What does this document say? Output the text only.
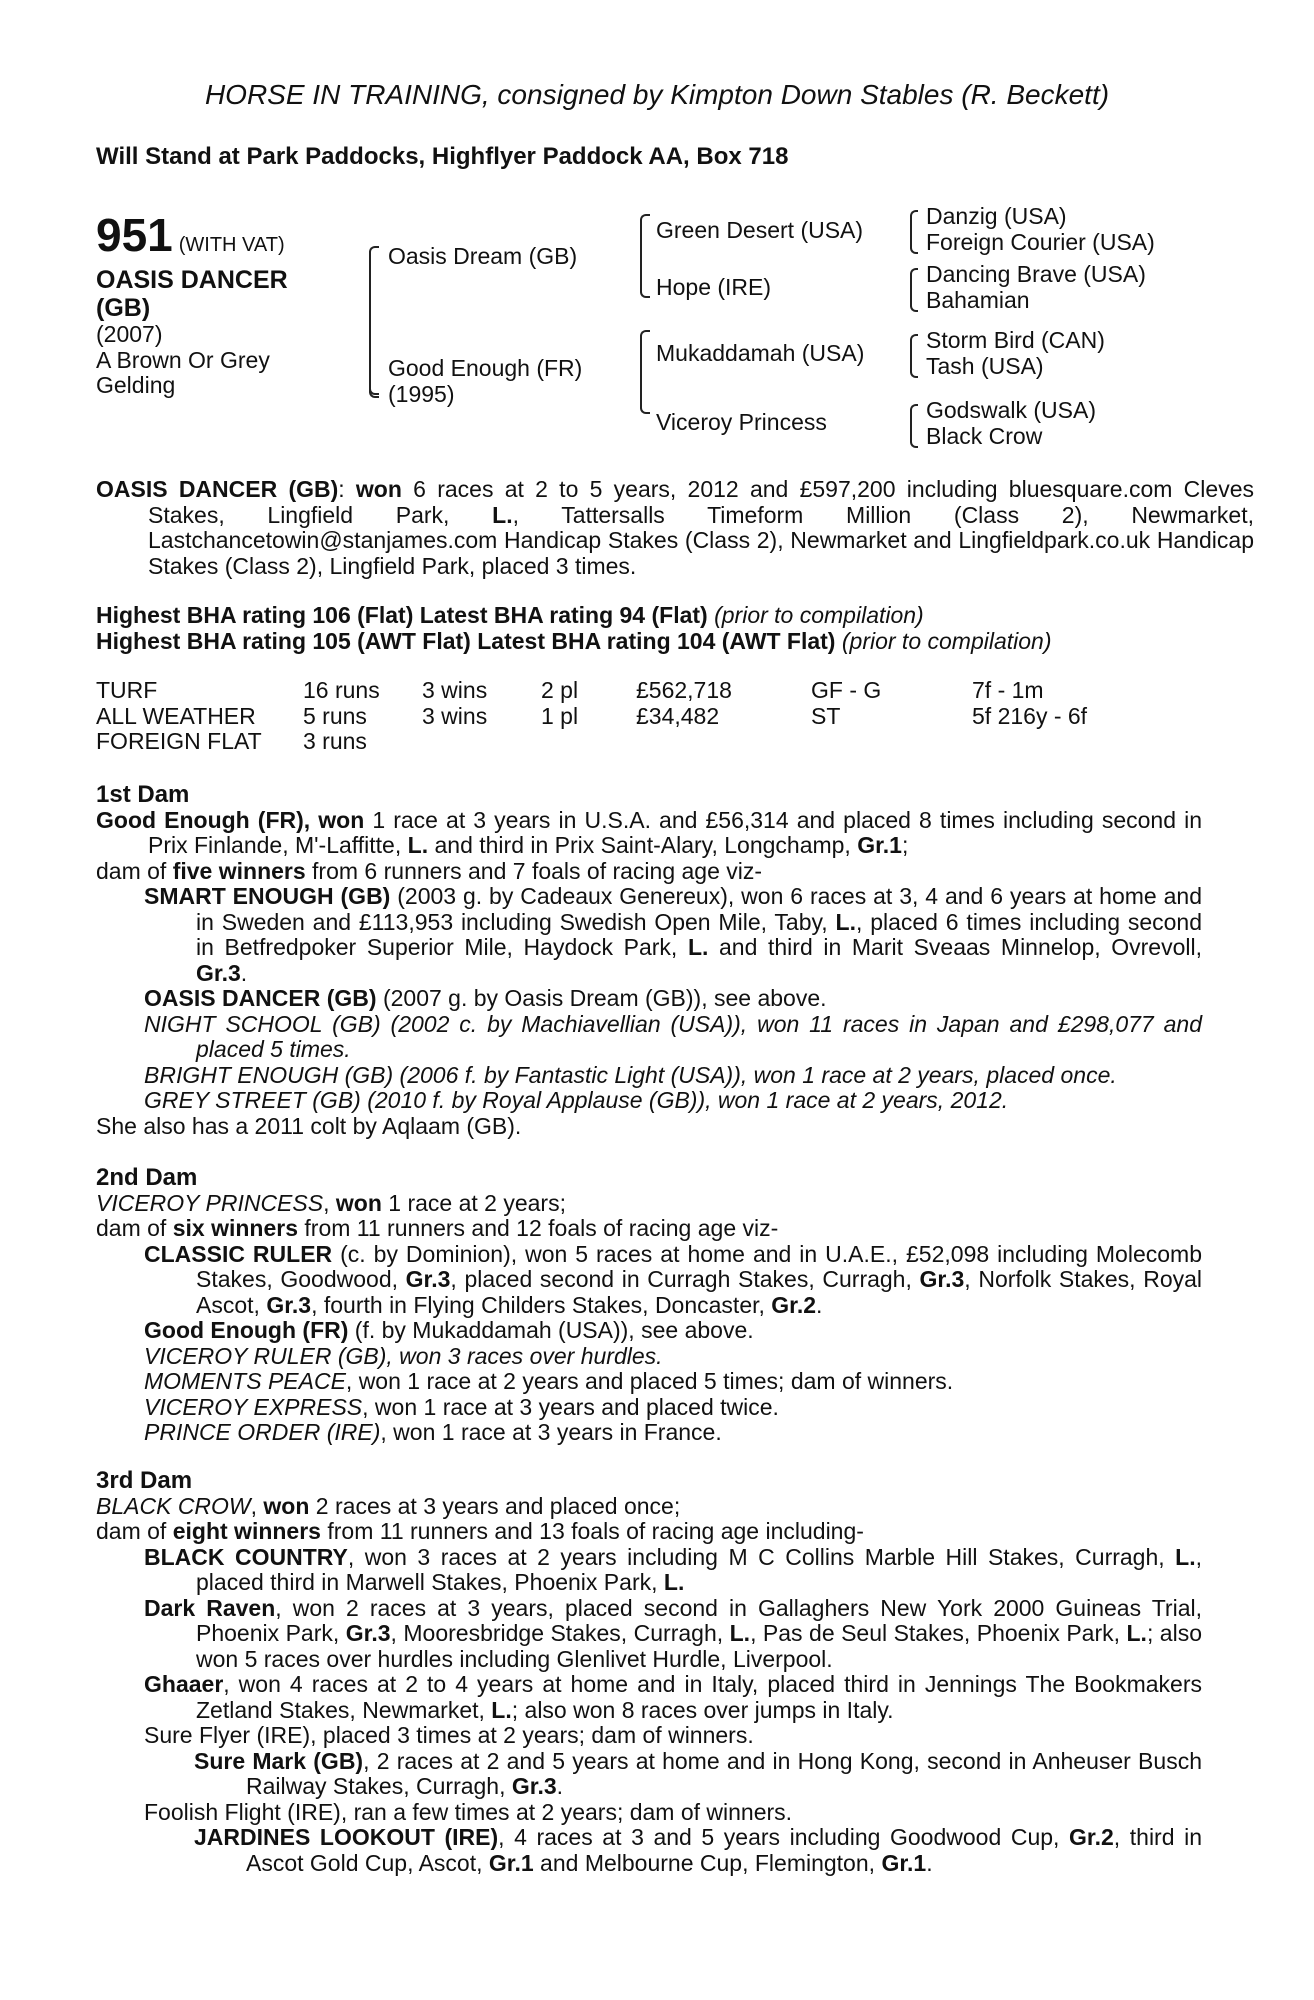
HORSE IN TRAINING, consigned by Kimpton Down Stables (R. Beckett)
Will Stand at Park Paddocks, Highflyer Paddock AA, Box 718
951 (WITH VAT)
OASIS DANCER
(GB)
(2007)
A Brown Or Grey
Gelding
Oasis Dream (GB)
Good Enough (FR)
(1995)
Green Desert (USA)
Hope (IRE)
Mukaddamah (USA)
Viceroy Princess
Danzig (USA)
Foreign Courier (USA)
Dancing Brave (USA)
Bahamian
Storm Bird (CAN)
Tash (USA)
Godswalk (USA)
Black Crow
OASIS DANCER (GB): won 6 races at 2 to 5 years, 2012 and £597,200 including bluesquare.com Cleves Stakes, Lingfield Park, L., Tattersalls Timeform Million (Class 2), Newmarket, Lastchancetowin@stanjames.com Handicap Stakes (Class 2), Newmarket and Lingfieldpark.co.uk Handicap Stakes (Class 2), Lingfield Park, placed 3 times.
Highest BHA rating 106 (Flat) Latest BHA rating 94 (Flat) (prior to compilation)
Highest BHA rating 105 (AWT Flat) Latest BHA rating 104 (AWT Flat) (prior to compilation)
TURF	16 runs 3 wins 2 pl	£562,718	GF - G	7f - 1m
ALL WEATHER 5 runs 3 wins 1 pl	£34,482	ST	5f 216y - 6f
FOREIGN FLAT 3 runs
1st Dam
Good Enough (FR), won 1 race at 3 years in U.S.A. and £56,314 and placed 8 times including second in Prix Finlande, M'-Laffitte, L. and third in Prix Saint-Alary, Longchamp, Gr.1;
dam of five winners from 6 runners and 7 foals of racing age viz-
SMART ENOUGH (GB) (2003 g. by Cadeaux Genereux), won 6 races at 3, 4 and 6 years at home and in Sweden and £113,953 including Swedish Open Mile, Taby, L., placed 6 times including second in Betfredpoker Superior Mile, Haydock Park, L. and third in Marit Sveaas Minnelop, Ovrevoll, Gr.3.
OASIS DANCER (GB) (2007 g. by Oasis Dream (GB)), see above.
NIGHT SCHOOL (GB) (2002 c. by Machiavellian (USA)), won 11 races in Japan and £298,077 and placed 5 times.
BRIGHT ENOUGH (GB) (2006 f. by Fantastic Light (USA)), won 1 race at 2 years, placed once.
GREY STREET (GB) (2010 f. by Royal Applause (GB)), won 1 race at 2 years, 2012.
She also has a 2011 colt by Aqlaam (GB).
2nd Dam
VICEROY PRINCESS, won 1 race at 2 years;
dam of six winners from 11 runners and 12 foals of racing age viz-
CLASSIC RULER (c. by Dominion), won 5 races at home and in U.A.E., £52,098 including Molecomb Stakes, Goodwood, Gr.3, placed second in Curragh Stakes, Curragh, Gr.3, Norfolk Stakes, Royal Ascot, Gr.3, fourth in Flying Childers Stakes, Doncaster, Gr.2.
Good Enough (FR) (f. by Mukaddamah (USA)), see above.
VICEROY RULER (GB), won 3 races over hurdles.
MOMENTS PEACE, won 1 race at 2 years and placed 5 times; dam of winners.
VICEROY EXPRESS, won 1 race at 3 years and placed twice.
PRINCE ORDER (IRE), won 1 race at 3 years in France.
3rd Dam
BLACK CROW, won 2 races at 3 years and placed once;
dam of eight winners from 11 runners and 13 foals of racing age including-
BLACK COUNTRY, won 3 races at 2 years including M C Collins Marble Hill Stakes, Curragh, L., placed third in Marwell Stakes, Phoenix Park, L.
Dark Raven, won 2 races at 3 years, placed second in Gallaghers New York 2000 Guineas Trial, Phoenix Park, Gr.3, Mooresbridge Stakes, Curragh, L., Pas de Seul Stakes, Phoenix Park, L.; also won 5 races over hurdles including Glenlivet Hurdle, Liverpool.
Ghaaer, won 4 races at 2 to 4 years at home and in Italy, placed third in Jennings The Bookmakers Zetland Stakes, Newmarket, L.; also won 8 races over jumps in Italy.
Sure Flyer (IRE), placed 3 times at 2 years; dam of winners.
Sure Mark (GB), 2 races at 2 and 5 years at home and in Hong Kong, second in Anheuser Busch Railway Stakes, Curragh, Gr.3.
Foolish Flight (IRE), ran a few times at 2 years; dam of winners.
JARDINES LOOKOUT (IRE), 4 races at 3 and 5 years including Goodwood Cup, Gr.2, third in Ascot Gold Cup, Ascot, Gr.1 and Melbourne Cup, Flemington, Gr.1.
